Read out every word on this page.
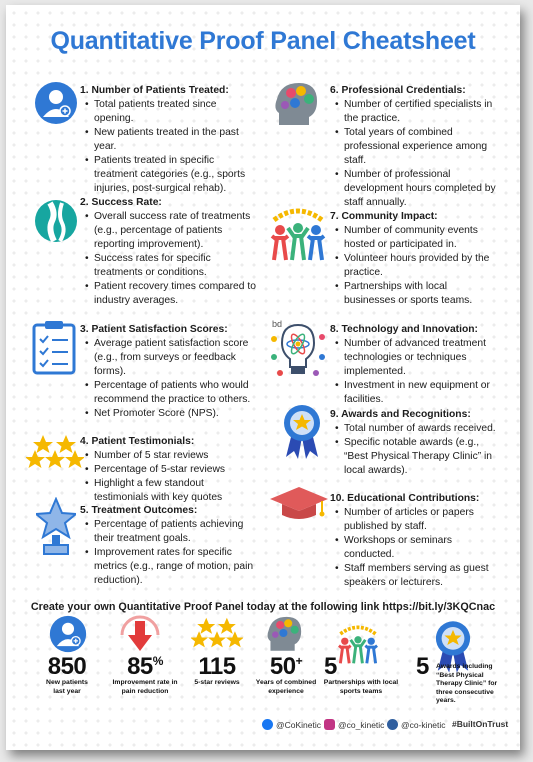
Quantitative Proof Panel Cheatsheet
bd
1. Number of Patients Treated:
• Total patients treated since opening.
• New patients treated in the past year.
• Patients treated in specific treatment categories (e.g., sports injuries, post-surgical rehab).
2. Success Rate:
• Overall success rate of treatments (e.g., percentage of patients reporting improvement).
• Success rates for specific treatments or conditions.
• Patient recovery times compared to industry averages.
3. Patient Satisfaction Scores:
• Average patient satisfaction score (e.g., from surveys or feedback forms).
• Percentage of patients who would recommend the practice to others.
• Net Promoter Score (NPS).
4. Patient Testimonials:
• Number of 5 star reviews
• Percentage of 5-star reviews
• Highlight a few standout testimonials with key quotes
5. Treatment Outcomes:
• Percentage of patients achieving their treatment goals.
• Improvement rates for specific metrics (e.g., range of motion, pain reduction).
6. Professional Credentials:
• Number of certified specialists in the practice.
• Total years of combined professional experience among staff.
• Number of professional development hours completed by staff annually.
7. Community Impact:
• Number of community events hosted or participated in.
• Volunteer hours provided by the practice.
• Partnerships with local businesses or sports teams.
8. Technology and Innovation:
• Number of advanced treatment technologies or techniques implemented.
• Investment in new equipment or facilities.
9. Awards and Recognitions:
• Total number of awards received.
• Specific notable awards (e.g., “Best Physical Therapy Clinic” in local awards).
10. Educational Contributions:
• Number of articles or papers published by staff.
• Workshops or seminars conducted.
• Staff members serving as guest speakers or lecturers.
Create your own Quantitative Proof Panel today at the following link https://bit.ly/3KQCnac
850
New patients last year
85%
Improvement rate in pain reduction
115
5-star reviews
50+
Years of combined experience
5
Partnerships with local sports teams
5	Awards including “Best Physical Therapy Clinic” for three consecutive years.
@CoKinetic @co_kinetic @co-kinetic #BuiltOnTrust
